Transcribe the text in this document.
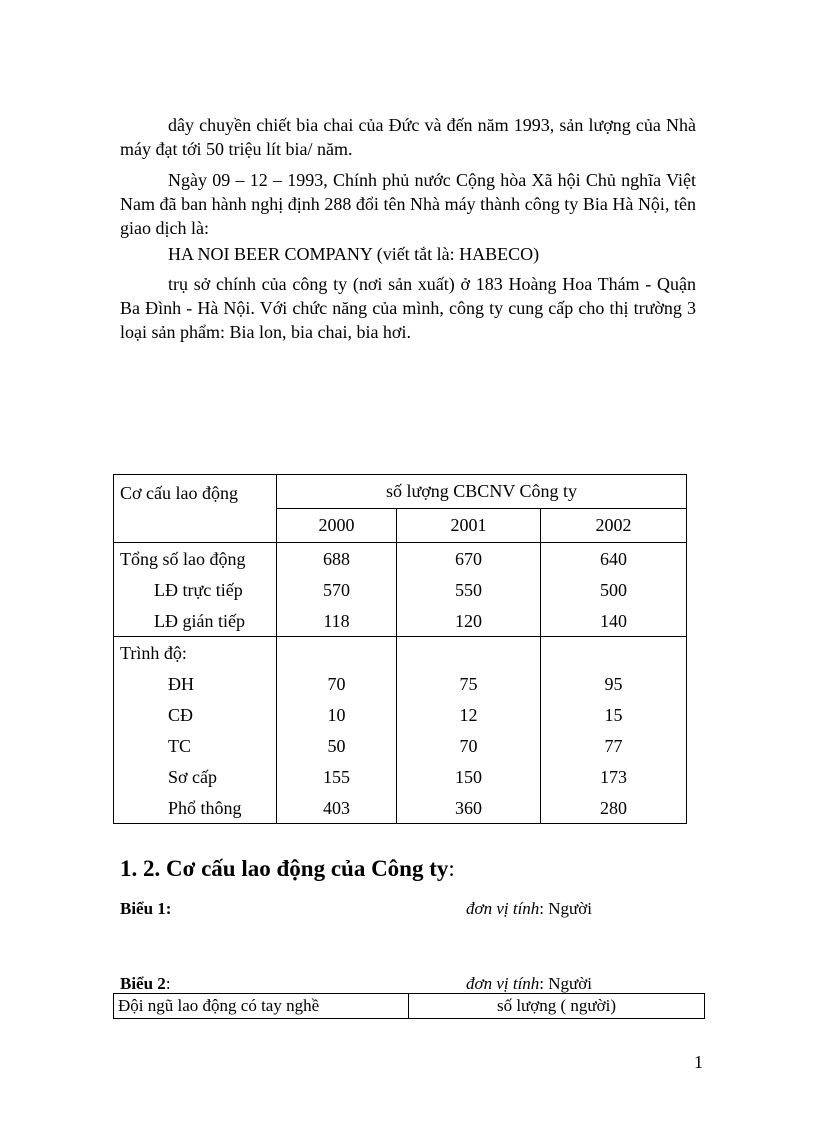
dây chuyền chiết bia chai của Đức và đến năm 1993, sản lượng của Nhà máy đạt tới 50 triệu lít bia/ năm.

Ngày 09 – 12 – 1993, Chính phủ nước Cộng hòa Xã hội Chủ nghĩa Việt Nam đã ban hành nghị định 288 đổi tên Nhà máy thành công ty Bia Hà Nội, tên giao dịch là:

HA NOI BEER COMPANY (viết tắt là: HABECO)

trụ sở chính của công ty (nơi sản xuất) ở 183 Hoàng Hoa Thám - Quận Ba Đình - Hà Nội. Với chức năng của mình, công ty cung cấp cho thị trường 3 loại sản phẩm: Bia lon, bia chai, bia hơi.

Cơ cấu lao động	số lượng CBCNV Công ty		
	2000	2001	2002
Tổng số lao động	688	670	640
LĐ trực tiếp	570	550	500
LĐ gián tiếp	118	120	140
Trình độ:			
ĐH	70	75	95
CĐ	10	12	15
TC	50	70	77
Sơ cấp	155	150	173
Phổ thông	403	360	280
1. 2. Cơ cấu lao động của Công ty:

Biểu 1:	đơn vị tính: Người

Biểu 2:	đơn vị tính: Người

Đội ngũ lao động có tay nghề	số lượng ( người)

1
